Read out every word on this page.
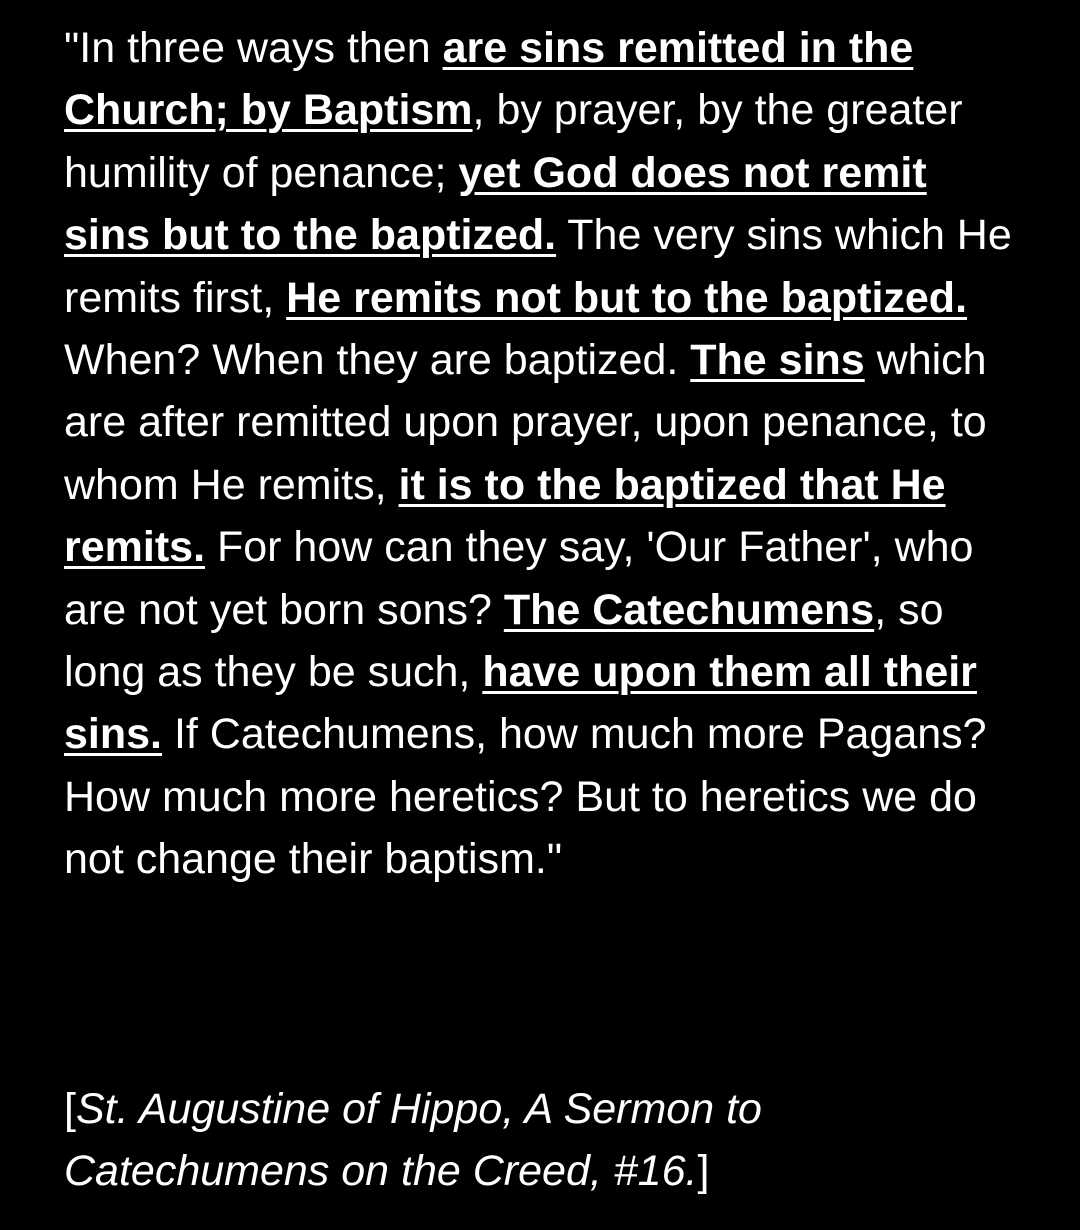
"In three ways then are sins remitted in the Church; by Baptism, by prayer, by the greater humility of penance; yet God does not remit sins but to the baptized. The very sins which He remits first, He remits not but to the baptized. When? When they are baptized. The sins which are after remitted upon prayer, upon penance, to whom He remits, it is to the baptized that He remits. For how can they say, 'Our Father', who are not yet born sons? The Catechumens, so long as they be such, have upon them all their sins. If Catechumens, how much more Pagans? How much more heretics? But to heretics we do not change their baptism."

[St. Augustine of Hippo, A Sermon to Catechumens on the Creed, #16.]
